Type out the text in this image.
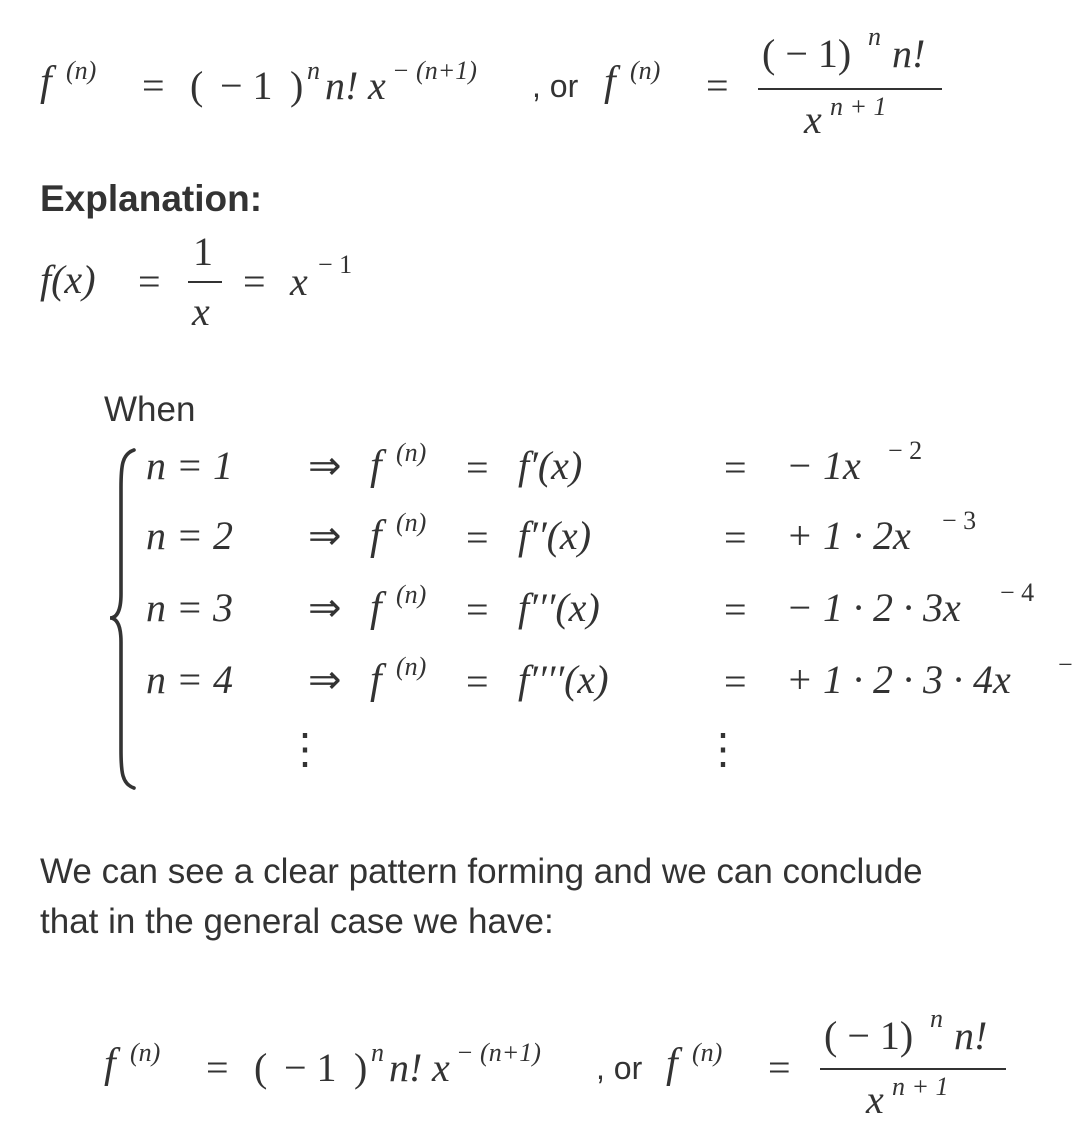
f (n) = ( − 1 ) n n! x − (n+1) , or f (n) =
( − 1) n n!
x n + 1
Explanation:
f(x) =
1
x
= x − 1
When
n = 1 ⇒ f (n) = f′(x)	= − 1x − 2
n = 2 ⇒ f (n) = f′′(x)	= + 1 · 2x − 3
n = 3 ⇒ f (n) = f′′′(x)	= − 1 · 2 · 3x − 4
n = 4 ⇒ f (n) = f′′′′(x)	= + 1 · 2 · 3 · 4x −
⋮	⋮
We can see a clear pattern forming and we can conclude
that in the general case we have:
f (n) = ( − 1 ) n n! x − (n+1) , or f (n) =
( − 1) n n!
x n + 1
